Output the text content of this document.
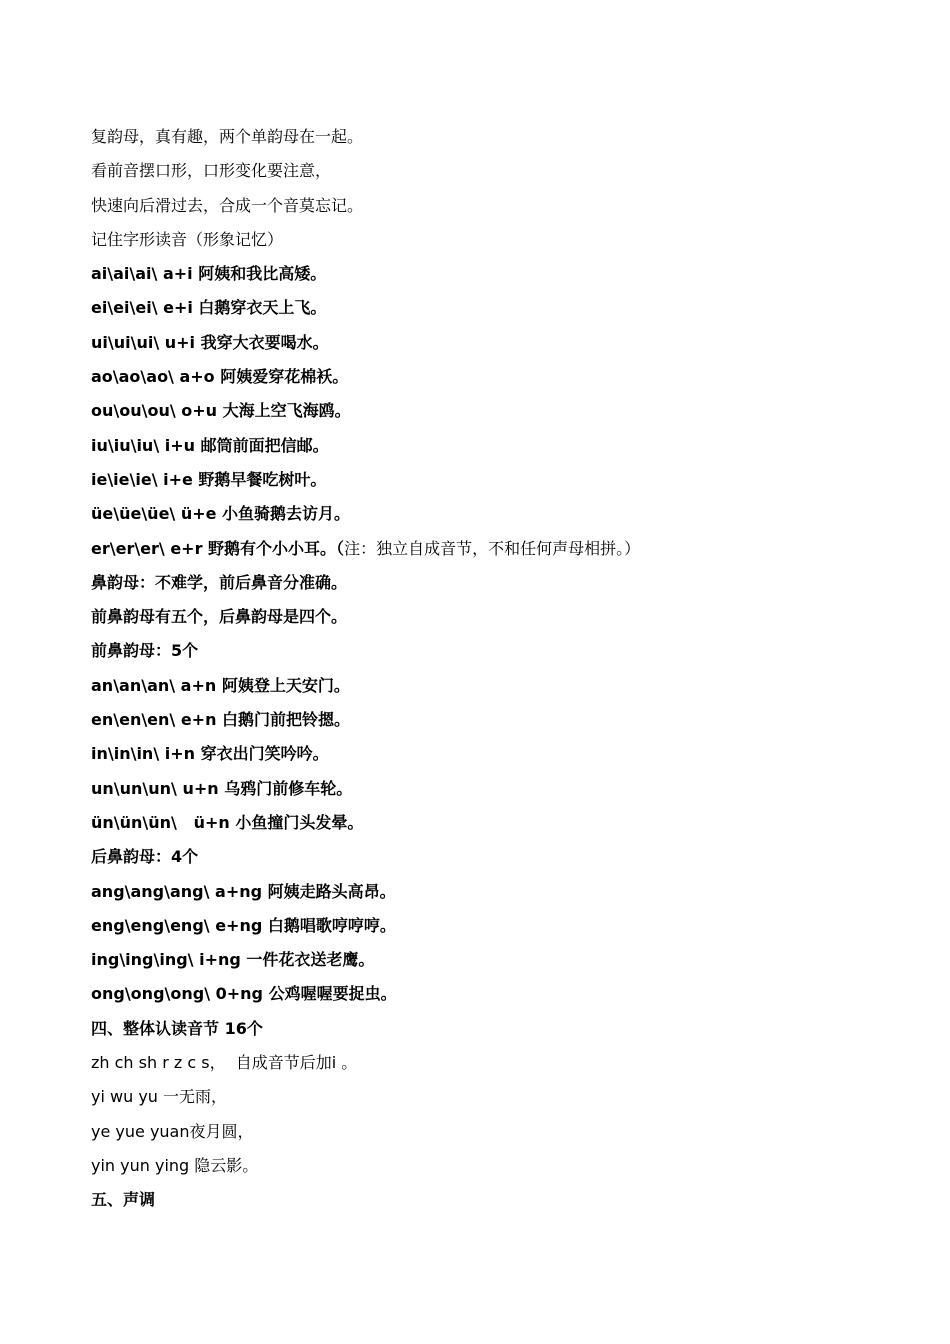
复韵母，真有趣，两个单韵母在一起。
看前音摆口形，口形变化要注意，
快速向后滑过去，合成一个音莫忘记。
记住字形读音（形象记忆）
ai\ai\ai\ a+i 阿姨和我比高矮。
ei\ei\ei\ e+i 白鹅穿衣天上飞。
ui\ui\ui\ u+i 我穿大衣要喝水。
ao\ao\ao\ a+o 阿姨爱穿花棉袄。
ou\ou\ou\ o+u 大海上空飞海鸥。
iu\iu\iu\ i+u 邮筒前面把信邮。
ie\ie\ie\ i+e 野鹅早餐吃树叶。
üe\üe\üe\ ü+e 小鱼骑鹅去访月。
er\er\er\ e+r 野鹅有个小小耳。（注：独立自成音节，不和任何声母相拼。）
鼻韵母：不难学，前后鼻音分准确。
前鼻韵母有五个，后鼻韵母是四个。
前鼻韵母：5个
an\an\an\ a+n 阿姨登上天安门。
en\en\en\ e+n 白鹅门前把铃摁。
in\in\in\ i+n 穿衣出门笑吟吟。
un\un\un\ u+n 乌鸦门前修车轮。
ün\ün\ün\   ü+n 小鱼撞门头发晕。
后鼻韵母：4个
ang\ang\ang\ a+ng 阿姨走路头高昂。
eng\eng\eng\ e+ng 白鹅唱歌哼哼哼。
ing\ing\ing\ i+ng 一件花衣送老鹰。
ong\ong\ong\ 0+ng 公鸡喔喔要捉虫。
四、整体认读音节 16个
zh ch sh r z c s，  自成音节后加i 。
yi wu yu 一无雨，
ye yue yuan夜月圆，
yin yun ying 隐云影。
五、声调
